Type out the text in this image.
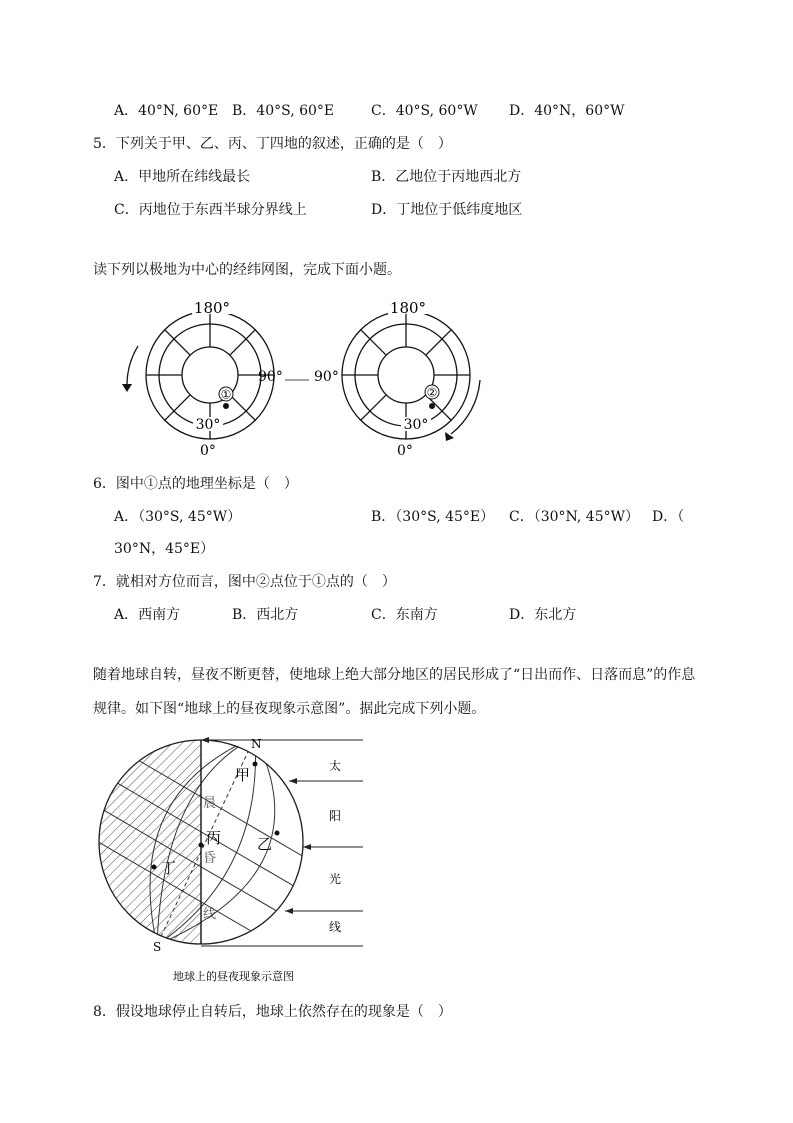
A．40°N, 60°E B．40°S, 60°E	C．40°S, 60°W D．40°N，60°W
5．下列关于甲、乙、丙、丁四地的叙述，正确的是（　）
A．甲地所在纬线最长	B．乙地位于丙地西北方
C．丙地位于东西半球分界线上	D．丁地位于低纬度地区
读下列以极地为中心的经纬网图，完成下面小题。
①
180°
90°
30°
0°
②
180°
90°
30°
0°
6．图中①点的地理坐标是（　）
A．（30°S, 45°W）	B．（30°S, 45°E） C．（30°N, 45°W） D．（
30°N，45°E）
7．就相对方位而言，图中②点位于①点的（　）
A．西南方	B．西北方	C．东南方	D．东北方
随着地球自转，昼夜不断更替，使地球上绝大部分地区的居民形成了“日出而作、日落而息”的作息
规律。如下图“地球上的昼夜现象示意图”。据此完成下列小题。
N
S
甲
乙
丙
丁
晨
昏
线
太
阳
光
线
地球上的昼夜现象示意图
8．假设地球停止自转后，地球上依然存在的现象是（　）
